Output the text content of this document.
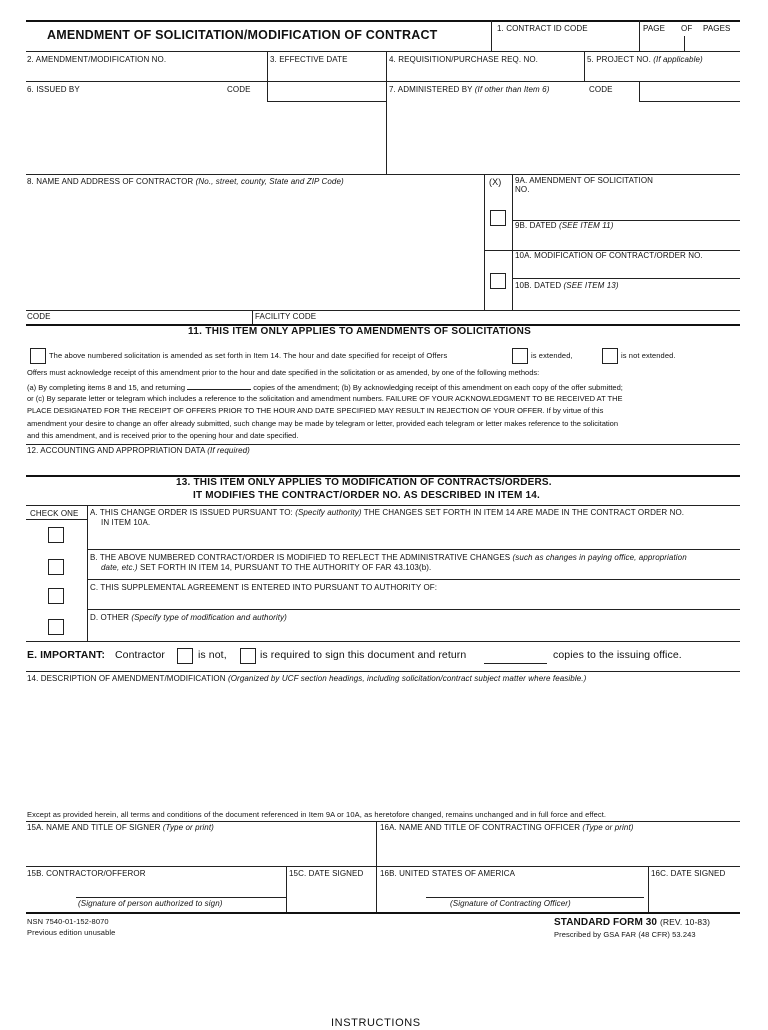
AMENDMENT OF SOLICITATION/MODIFICATION OF CONTRACT	1. CONTRACT ID CODE	PAGE OF PAGES
2. AMENDMENT/MODIFICATION NO.	3. EFFECTIVE DATE	4. REQUISITION/PURCHASE REQ. NO.	5. PROJECT NO. (If applicable)
6. ISSUED BY	CODE	7. ADMINISTERED BY (If other than Item 6)	CODE
8. NAME AND ADDRESS OF CONTRACTOR (No., street, county, State and ZIP Code)	(X) 9A. AMENDMENT OF SOLICITATION
NO.
9B. DATED (SEE ITEM 11)
10A. MODIFICATION OF CONTRACT/ORDER NO.
10B. DATED (SEE ITEM 13)
CODE	FACILITY CODE
11. THIS ITEM ONLY APPLIES TO AMENDMENTS OF SOLICITATIONS
The above numbered solicitation is amended as set forth in Item 14. The hour and date specified for receipt of Offers	is extended,	is not extended.
Offers must acknowledge receipt of this amendment prior to the hour and date specified in the solicitation or as amended, by one of the following methods:
(a) By completing items 8 and 15, and returning	copies of the amendment; (b) By acknowledging receipt of this amendment on each copy of the offer submitted;
or (c) By separate letter or telegram which includes a reference to the solicitation and amendment numbers. FAILURE OF YOUR ACKNOWLEDGMENT TO BE RECEIVED AT THE
PLACE DESIGNATED FOR THE RECEIPT OF OFFERS PRIOR TO THE HOUR AND DATE SPECIFIED MAY RESULT IN REJECTION OF YOUR OFFER. If by virtue of this
amendment your desire to change an offer already submitted, such change may be made by telegram or letter, provided each telegram or letter makes reference to the solicitation
and this amendment, and is received prior to the opening hour and date specified.
12. ACCOUNTING AND APPROPRIATION DATA (If required)
13. THIS ITEM ONLY APPLIES TO MODIFICATION OF CONTRACTS/ORDERS.
IT MODIFIES THE CONTRACT/ORDER NO. AS DESCRIBED IN ITEM 14.
CHECK ONE A. THIS CHANGE ORDER IS ISSUED PURSUANT TO: (Specify authority) THE CHANGES SET FORTH IN ITEM 14 ARE MADE IN THE CONTRACT ORDER NO.
IN ITEM 10A.
B. THE ABOVE NUMBERED CONTRACT/ORDER IS MODIFIED TO REFLECT THE ADMINISTRATIVE CHANGES (such as changes in paying office, appropriation
date, etc.) SET FORTH IN ITEM 14, PURSUANT TO THE AUTHORITY OF FAR 43.103(b).
C. THIS SUPPLEMENTAL AGREEMENT IS ENTERED INTO PURSUANT TO AUTHORITY OF:
D. OTHER (Specify type of modification and authority)
E. IMPORTANT: Contractor	is not,	is required to sign this document and return	copies to the issuing office.
14. DESCRIPTION OF AMENDMENT/MODIFICATION (Organized by UCF section headings, including solicitation/contract subject matter where feasible.)
Except as provided herein, all terms and conditions of the document referenced in Item 9A or 10A, as heretofore changed, remains unchanged and in full force and effect.
15A. NAME AND TITLE OF SIGNER (Type or print)	16A. NAME AND TITLE OF CONTRACTING OFFICER (Type or print)
15B. CONTRACTOR/OFFEROR	15C. DATE SIGNED 16B. UNITED STATES OF AMERICA	16C. DATE SIGNED
(Signature of person authorized to sign)	(Signature of Contracting Officer)
NSN 7540-01-152-8070
Previous edition unusable
STANDARD FORM 30 (REV. 10-83)
Prescribed by GSA FAR (48 CFR) 53.243
INSTRUCTIONS
